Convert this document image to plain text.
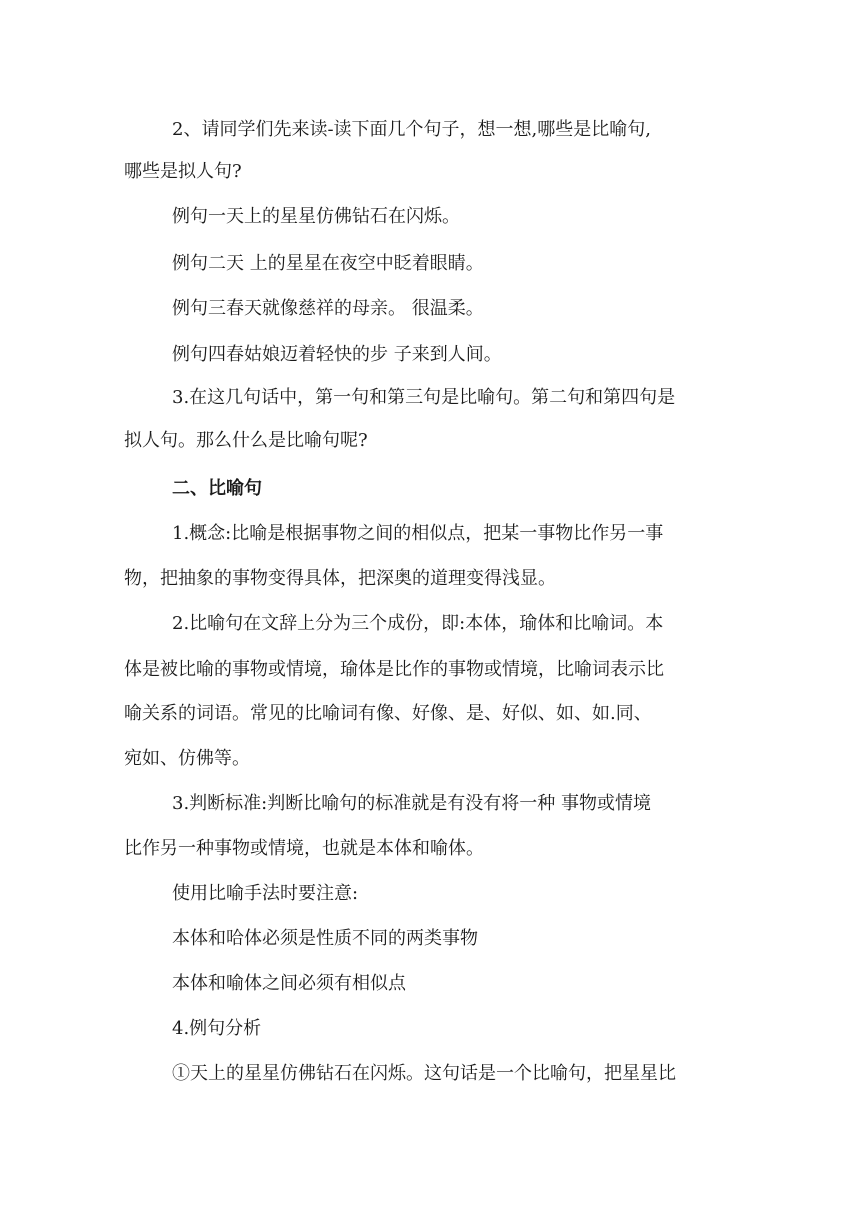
2、请同学们先来读-读下面几个句子，想一想,哪些是比喻句,

哪些是拟人句?

例句一天上的星星仿佛钻石在闪烁。

例句二天 上的星星在夜空中眨着眼睛。

例句三春天就像慈祥的母亲。 很温柔。

例句四春姑娘迈着轻快的步 子来到人间。

3.在这几句话中，第一句和第三句是比喻句。第二句和第四句是

拟人句。那么什么是比喻句呢?

二、比喻句

1.概念:比喻是根据事物之间的相似点，把某一事物比作另一事

物，把抽象的事物变得具体，把深奥的道理变得浅显。

2.比喻句在文辞上分为三个成份，即:本体，瑜体和比喻词。本

体是被比喻的事物或情境，瑜体是比作的事物或情境，比喻词表示比

喻关系的词语。常见的比喻词有像、好像、是、好似、如、如.同、

宛如、仿佛等。

3.判断标准:判断比喻句的标准就是有没有将一种 事物或情境

比作另一种事物或情境，也就是本体和喻体。

使用比喻手法时要注意:

本体和哈体必须是性质不同的两类事物

本体和喻体之间必须有相似点

4.例句分析

①天上的星星仿佛钻石在闪烁。这句话是一个比喻句，把星星比
